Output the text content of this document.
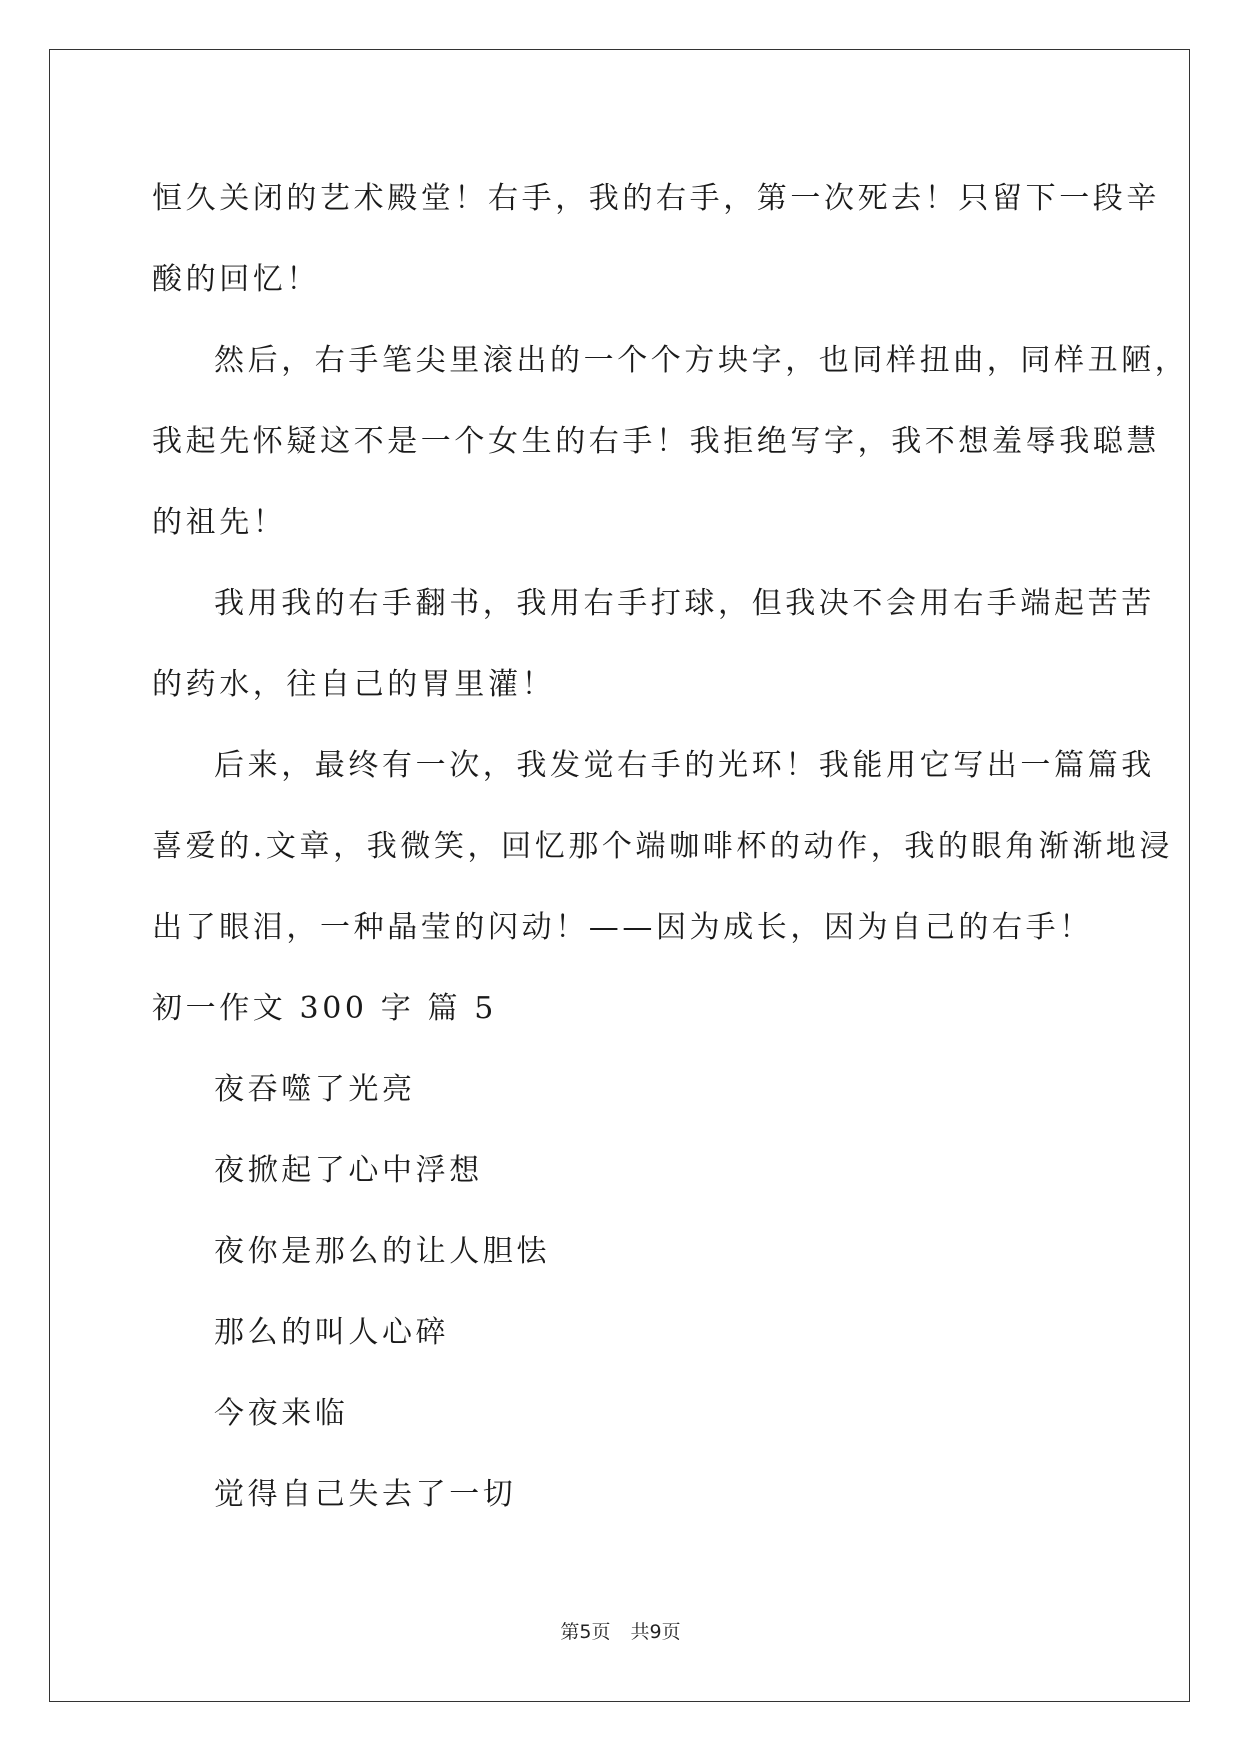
恒久关闭的艺术殿堂！右手，我的右手，第一次死去！只留下一段辛
酸的回忆！
然后，右手笔尖里滚出的一个个方块字，也同样扭曲，同样丑陋，
我起先怀疑这不是一个女生的右手！我拒绝写字，我不想羞辱我聪慧
的祖先！
我用我的右手翻书，我用右手打球，但我决不会用右手端起苦苦
的药水，往自己的胃里灌！
后来，最终有一次，我发觉右手的光环！我能用它写出一篇篇我
喜爱的.文章，我微笑，回忆那个端咖啡杯的动作，我的眼角渐渐地浸
出了眼泪，一种晶莹的闪动！——因为成长，因为自己的右手！
初一作文 300 字 篇 5
夜吞噬了光亮
夜掀起了心中浮想
夜你是那么的让人胆怯
那么的叫人心碎
今夜来临
觉得自己失去了一切
第5页 共9页
